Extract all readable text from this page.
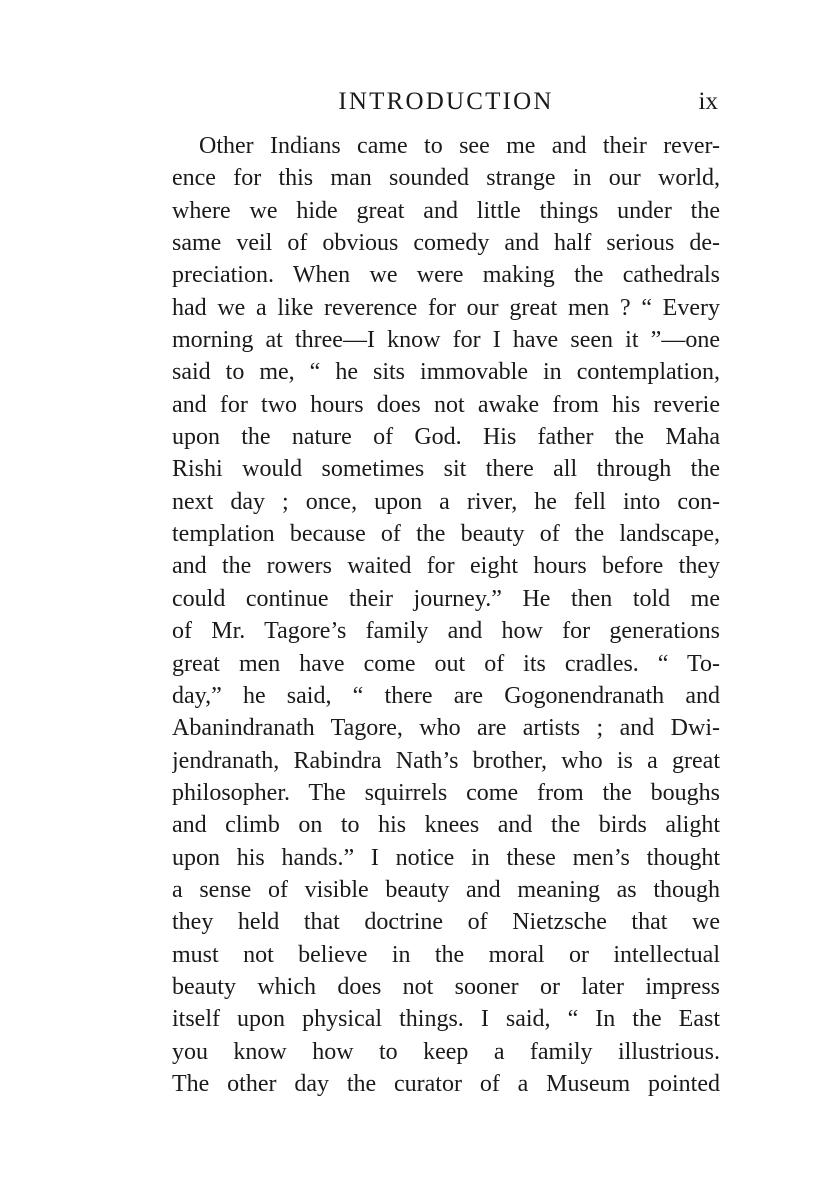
INTRODUCTION	ix
Other Indians came to see me and their rever-
ence for this man sounded strange in our world,
where we hide great and little things under the
same veil of obvious comedy and half serious de-
preciation. When we were making the cathedrals
had we a like reverence for our great men ? “ Every
morning at three—I know for I have seen it ”—one
said to me, “ he sits immovable in contemplation,
and for two hours does not awake from his reverie
upon the nature of God. His father the Maha
Rishi would sometimes sit there all through the
next day ; once, upon a river, he fell into con-
templation because of the beauty of the landscape,
and the rowers waited for eight hours before they
could continue their journey.” He then told me
of Mr. Tagore’s family and how for generations
great men have come out of its cradles. “ To-
day,” he said, “ there are Gogonendranath and
Abanindranath Tagore, who are artists ; and Dwi-
jendranath, Rabindra Nath’s brother, who is a great
philosopher. The squirrels come from the boughs
and climb on to his knees and the birds alight
upon his hands.” I notice in these men’s thought
a sense of visible beauty and meaning as though
they held that doctrine of Nietzsche that we
must not believe in the moral or intellectual
beauty which does not sooner or later impress
itself upon physical things. I said, “ In the East
you know how to keep a family illustrious.
The other day the curator of a Museum pointed
